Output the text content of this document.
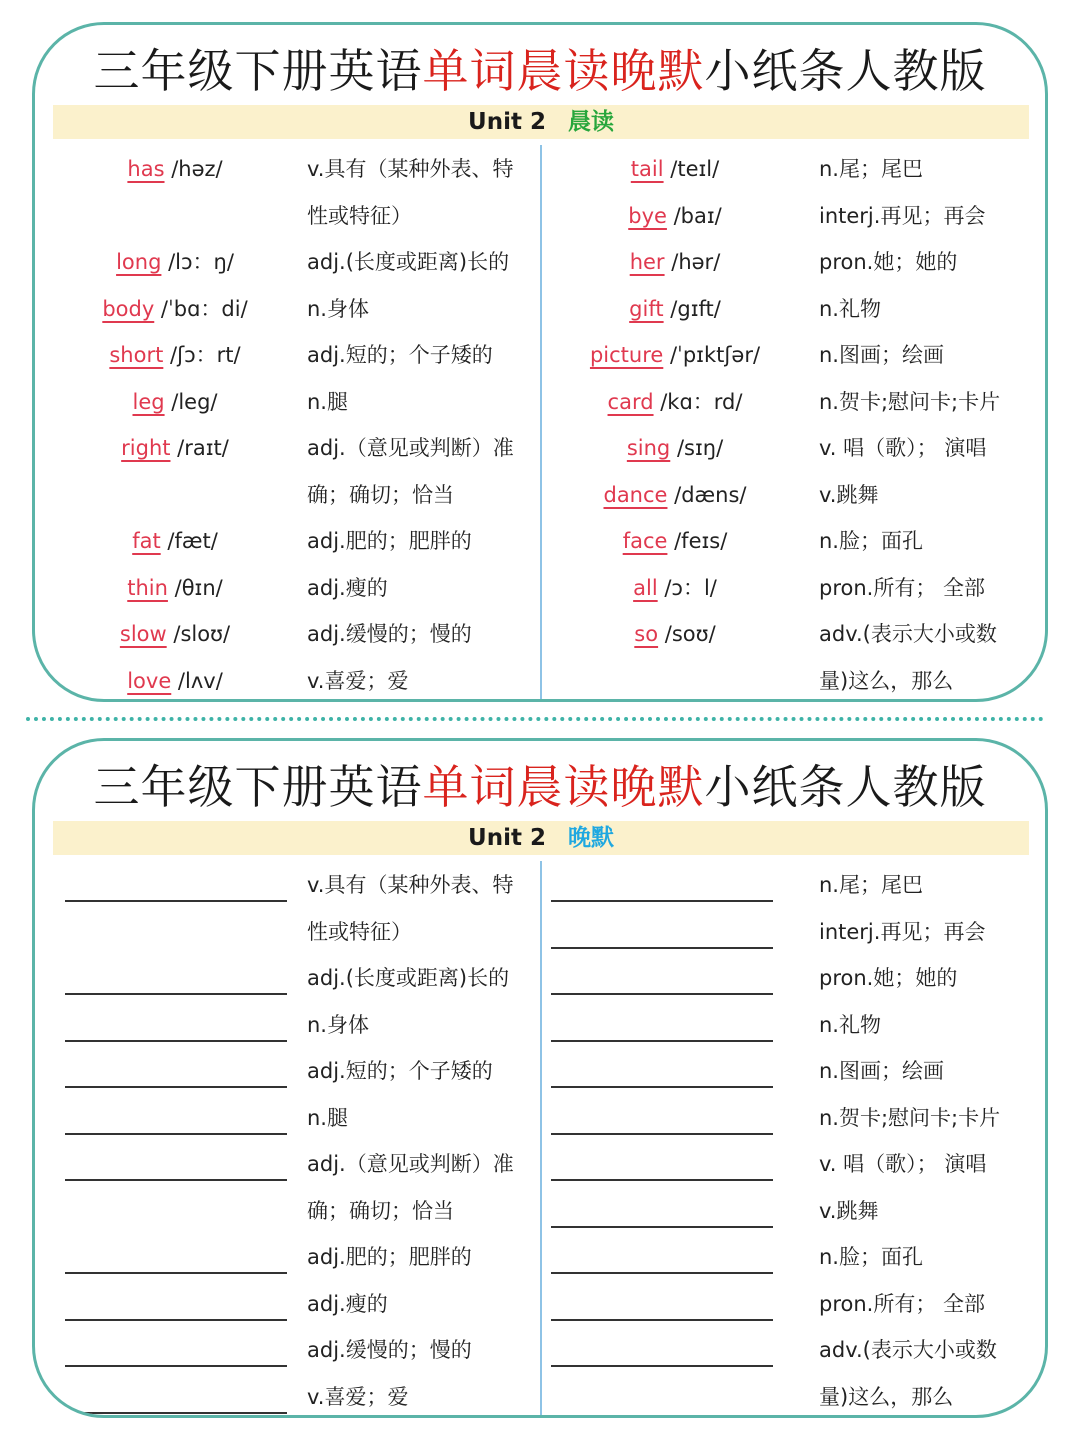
三年级下册英语单词晨读晚默小纸条人教版
Unit 2 晨读
has /həz/
long /lɔ：ŋ/
body /ˈbɑ：di/
short /ʃɔ：rt/
leg /leg/
right /raɪt/
fat /fæt/
thin /θɪn/
slow /sloʊ/
love /lʌv/
v.具有（某种外表、特
性或特征）
adj.(长度或距离)长的
n.身体
adj.短的；个子矮的
n.腿
adj.（意见或判断）准
确；确切；恰当
adj.肥的；肥胖的
adj.瘦的
adj.缓慢的；慢的
v.喜爱；爱
tail /teɪl/
bye /baɪ/
her /hər/
gift /gɪft/
picture /ˈpɪktʃər/
card /kɑ：rd/
sing /sɪŋ/
dance /dæns/
face /feɪs/
all /ɔ：l/
so /soʊ/
n.尾；尾巴
interj.再见；再会
pron.她；她的
n.礼物
n.图画；绘画
n.贺卡;慰问卡;卡片
v. 唱（歌）； 演唱
v.跳舞
n.脸；面孔
pron.所有； 全部
adv.(表示大小或数
量)这么，那么
三年级下册英语单词晨读晚默小纸条人教版
Unit 2 晚默
v.具有（某种外表、特
性或特征）
adj.(长度或距离)长的
n.身体
adj.短的；个子矮的
n.腿
adj.（意见或判断）准
确；确切；恰当
adj.肥的；肥胖的
adj.瘦的
adj.缓慢的；慢的
v.喜爱；爱
n.尾；尾巴
interj.再见；再会
pron.她；她的
n.礼物
n.图画；绘画
n.贺卡;慰问卡;卡片
v. 唱（歌）； 演唱
v.跳舞
n.脸；面孔
pron.所有； 全部
adv.(表示大小或数
量)这么，那么
